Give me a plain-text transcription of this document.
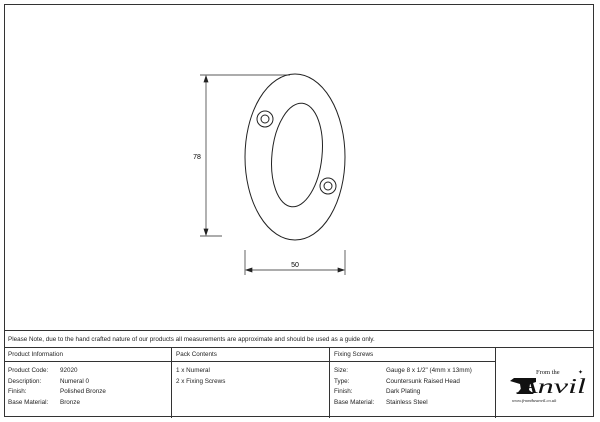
78
50
Please Note, due to the hand crafted nature of our products all measurements are approximate and should be used as a guide only.
Product Information
Product Code: 92020
Description:	Numeral 0
Finish:	Polished Bronze
Base Material: Bronze
Pack Contents
1 x Numeral
2 x Fixing Screws
Fixing Screws
Size:	Gauge 8 x 1/2" (4mm x 13mm)
Type:	Countersunk Raised Head
Finish:	Dark Plating
Base Material: Stainless Steel
From the	✦
Anvil
www.fromtheanvil.co.uk
